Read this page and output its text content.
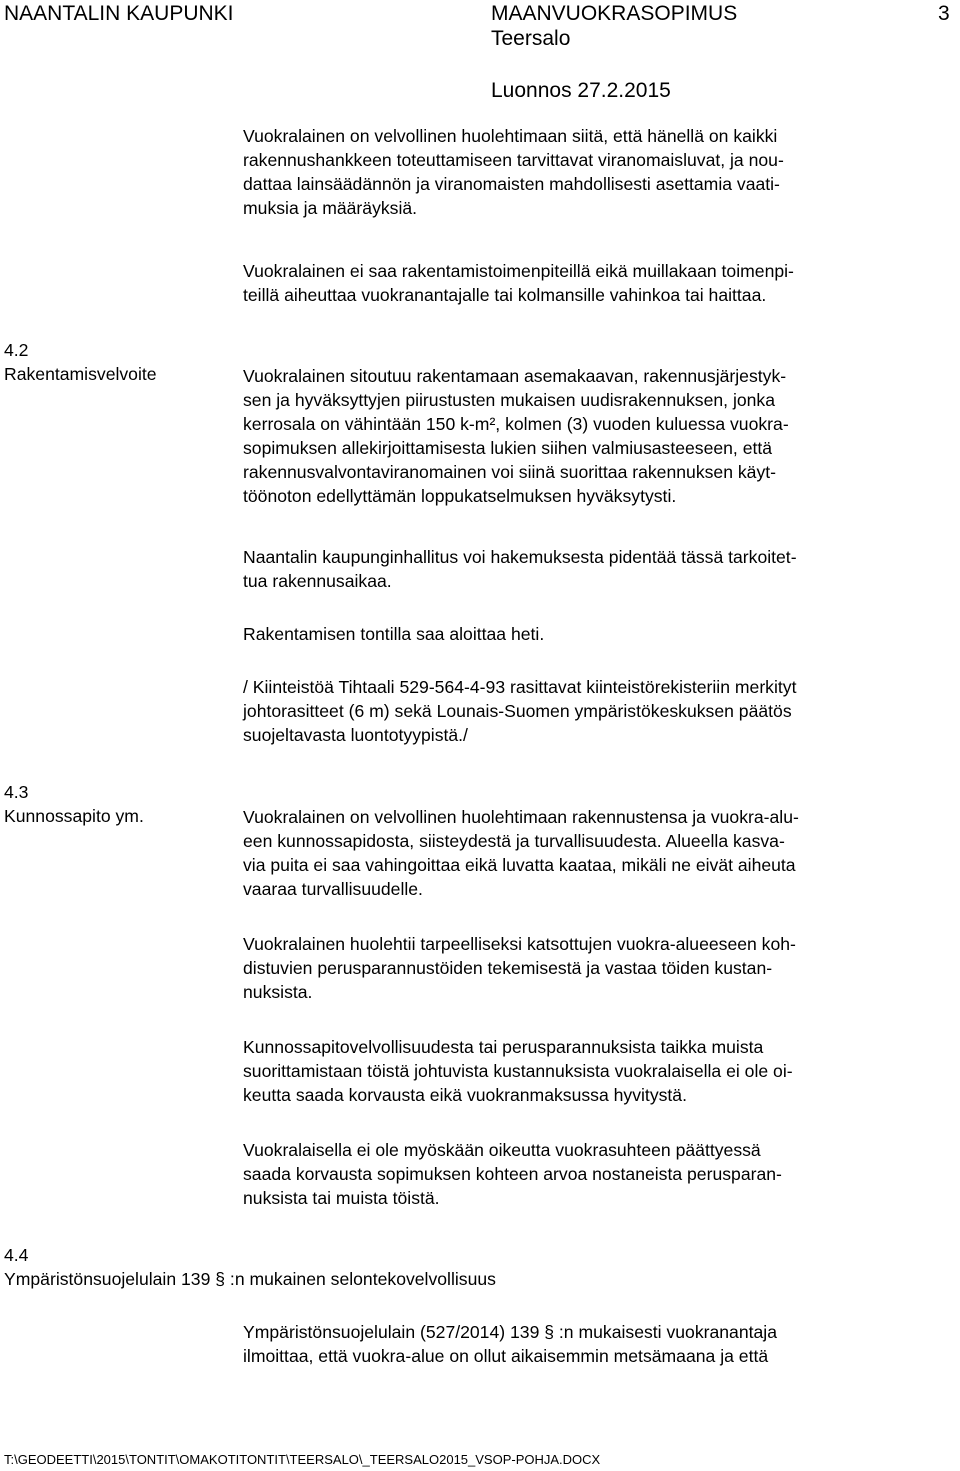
NAANTALIN KAUPUNKI	MAANVUOKRASOPIMUS
Teersalo
3
Luonnos 27.2.2015
Vuokralainen on velvollinen huolehtimaan siitä, että hänellä on kaikki
rakennushankkeen toteuttamiseen tarvittavat viranomaisluvat, ja nou-
dattaa lainsäädännön ja viranomaisten mahdollisesti asettamia vaati-
muksia ja määräyksiä.
Vuokralainen ei saa rakentamistoimenpiteillä eikä muillakaan toimenpi-
teillä aiheuttaa vuokranantajalle tai kolmansille vahinkoa tai haittaa.
4.2
Rakentamisvelvoite	Vuokralainen sitoutuu rakentamaan asemakaavan, rakennusjärjestyk-
sen ja hyväksyttyjen piirustusten mukaisen uudisrakennuksen, jonka
kerrosala on vähintään 150 k-m², kolmen (3) vuoden kuluessa vuokra-
sopimuksen allekirjoittamisesta lukien siihen valmiusasteeseen, että
rakennusvalvontaviranomainen voi siinä suorittaa rakennuksen käyt-
töönoton edellyttämän loppukatselmuksen hyväksytysti.
Naantalin kaupunginhallitus voi hakemuksesta pidentää tässä tarkoitet-
tua rakennusaikaa.
Rakentamisen tontilla saa aloittaa heti.
/ Kiinteistöä Tihtaali 529-564-4-93 rasittavat kiinteistörekisteriin merkityt
johtorasitteet (6 m) sekä Lounais-Suomen ympäristökeskuksen päätös
suojeltavasta luontotyypistä./
4.3
Kunnossapito ym.	Vuokralainen on velvollinen huolehtimaan rakennustensa ja vuokra-alu-
een kunnossapidosta, siisteydestä ja turvallisuudesta. Alueella kasva-
via puita ei saa vahingoittaa eikä luvatta kaataa, mikäli ne eivät aiheuta
vaaraa turvallisuudelle.
Vuokralainen huolehtii tarpeelliseksi katsottujen vuokra-alueeseen koh-
distuvien perusparannustöiden tekemisestä ja vastaa töiden kustan-
nuksista.
Kunnossapitovelvollisuudesta tai perusparannuksista taikka muista
suorittamistaan töistä johtuvista kustannuksista vuokralaisella ei ole oi-
keutta saada korvausta eikä vuokranmaksussa hyvitystä.
Vuokralaisella ei ole myöskään oikeutta vuokrasuhteen päättyessä
saada korvausta sopimuksen kohteen arvoa nostaneista perusparan-
nuksista tai muista töistä.
4.4
Ympäristönsuojelulain 139 § :n mukainen selontekovelvollisuus
Ympäristönsuojelulain (527/2014) 139 § :n mukaisesti vuokranantaja
ilmoittaa, että vuokra-alue on ollut aikaisemmin metsämaana ja että
T:\GEODEETTI\2015\TONTIT\OMAKOTITONTIT\TEERSALO\_TEERSALO2015_VSOP-POHJA.DOCX
